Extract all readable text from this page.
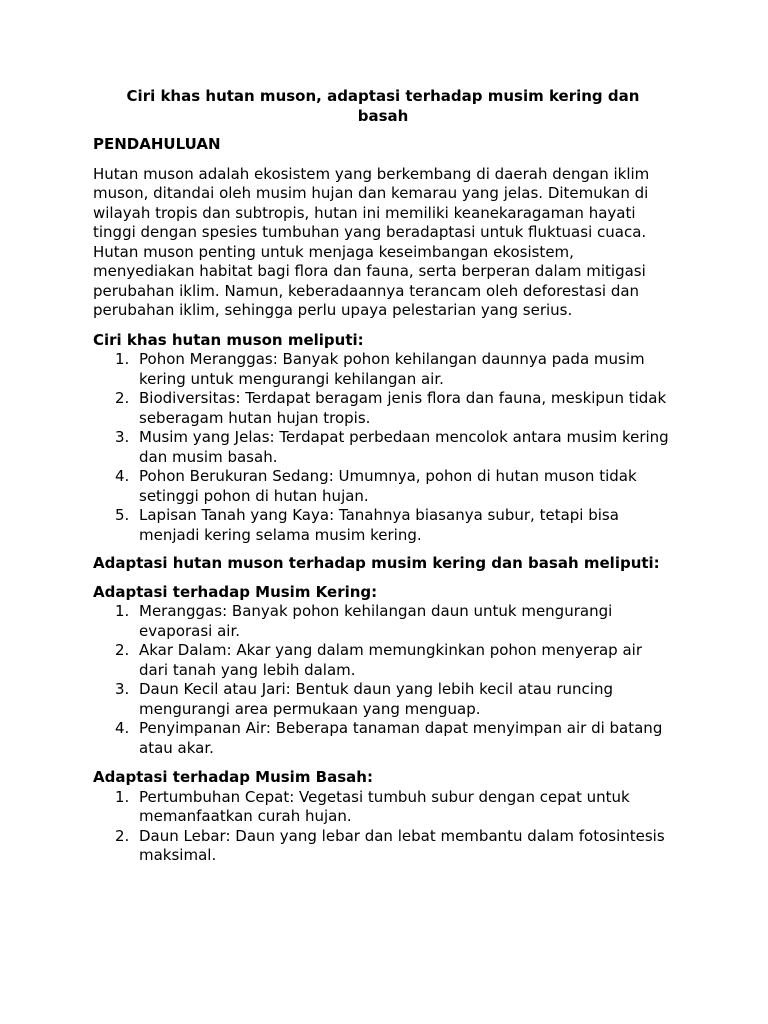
Ciri khas hutan muson, adaptasi terhadap musim kering dan basah
PENDAHULUAN

Hutan muson adalah ekosistem yang berkembang di daerah dengan iklim muson, ditandai oleh musim hujan dan kemarau yang jelas. Ditemukan di wilayah tropis dan subtropis, hutan ini memiliki keanekaragaman hayati tinggi dengan spesies tumbuhan yang beradaptasi untuk fluktuasi cuaca. Hutan muson penting untuk menjaga keseimbangan ekosistem, menyediakan habitat bagi flora dan fauna, serta berperan dalam mitigasi perubahan iklim. Namun, keberadaannya terancam oleh deforestasi dan perubahan iklim, sehingga perlu upaya pelestarian yang serius.

Ciri khas hutan muson meliputi:
1. Pohon Meranggas: Banyak pohon kehilangan daunnya pada musim kering untuk mengurangi kehilangan air.
2. Biodiversitas: Terdapat beragam jenis flora dan fauna, meskipun tidak seberagam hutan hujan tropis.
3. Musim yang Jelas: Terdapat perbedaan mencolok antara musim kering dan musim basah.
4. Pohon Berukuran Sedang: Umumnya, pohon di hutan muson tidak setinggi pohon di hutan hujan.
5. Lapisan Tanah yang Kaya: Tanahnya biasanya subur, tetapi bisa menjadi kering selama musim kering.
Adaptasi hutan muson terhadap musim kering dan basah meliputi:
Adaptasi terhadap Musim Kering:
1. Meranggas: Banyak pohon kehilangan daun untuk mengurangi evaporasi air.
2. Akar Dalam: Akar yang dalam memungkinkan pohon menyerap air dari tanah yang lebih dalam.
3. Daun Kecil atau Jari: Bentuk daun yang lebih kecil atau runcing mengurangi area permukaan yang menguap.
4. Penyimpanan Air: Beberapa tanaman dapat menyimpan air di batang atau akar.
Adaptasi terhadap Musim Basah:
1. Pertumbuhan Cepat: Vegetasi tumbuh subur dengan cepat untuk memanfaatkan curah hujan.
2. Daun Lebar: Daun yang lebar dan lebat membantu dalam fotosintesis maksimal.
